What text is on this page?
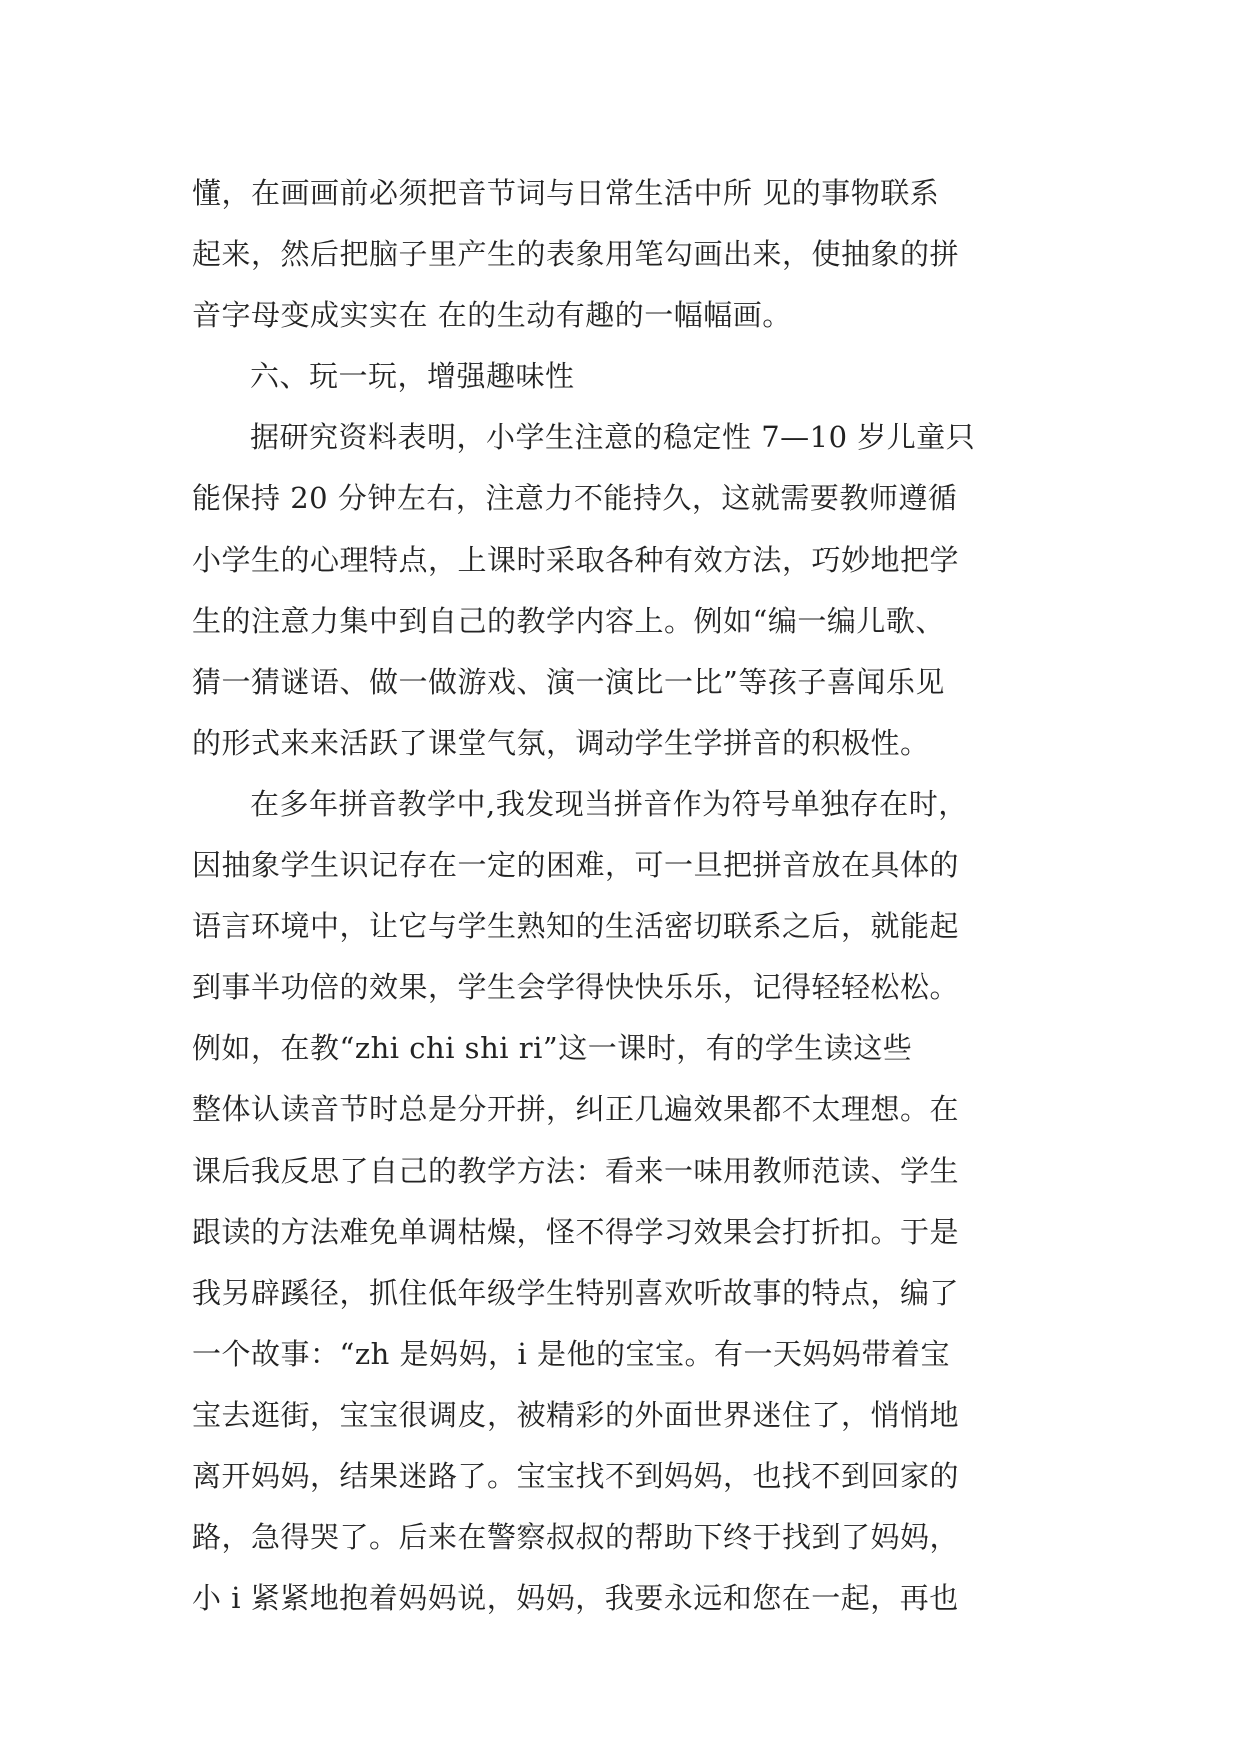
懂，在画画前必须把音节词与日常生活中所 见的事物联系
起来，然后把脑子里产生的表象用笔勾画出来，使抽象的拼
音字母变成实实在 在的生动有趣的一幅幅画。
六、玩一玩，增强趣味性
据研究资料表明，小学生注意的稳定性 7—10 岁儿童只
能保持 20 分钟左右，注意力不能持久，这就需要教师遵循
小学生的心理特点，上课时采取各种有效方法，巧妙地把学
生的注意力集中到自己的教学内容上。例如“编一编儿歌、
猜一猜谜语、做一做游戏、演一演比一比”等孩子喜闻乐见
的形式来来活跃了课堂气氛，调动学生学拼音的积极性。
在多年拼音教学中,我发现当拼音作为符号单独存在时，
因抽象学生识记存在一定的困难，可一旦把拼音放在具体的
语言环境中，让它与学生熟知的生活密切联系之后，就能起
到事半功倍的效果，学生会学得快快乐乐，记得轻轻松松。
例如，在教“zhi chi shi ri”这一课时，有的学生读这些
整体认读音节时总是分开拼，纠正几遍效果都不太理想。在
课后我反思了自己的教学方法：看来一味用教师范读、学生
跟读的方法难免单调枯燥，怪不得学习效果会打折扣。于是
我另辟蹊径，抓住低年级学生特别喜欢听故事的特点，编了
一个故事：“zh 是妈妈，i 是他的宝宝。有一天妈妈带着宝
宝去逛街，宝宝很调皮，被精彩的外面世界迷住了，悄悄地
离开妈妈，结果迷路了。宝宝找不到妈妈，也找不到回家的
路，急得哭了。后来在警察叔叔的帮助下终于找到了妈妈，
小 i 紧紧地抱着妈妈说，妈妈，我要永远和您在一起，再也
